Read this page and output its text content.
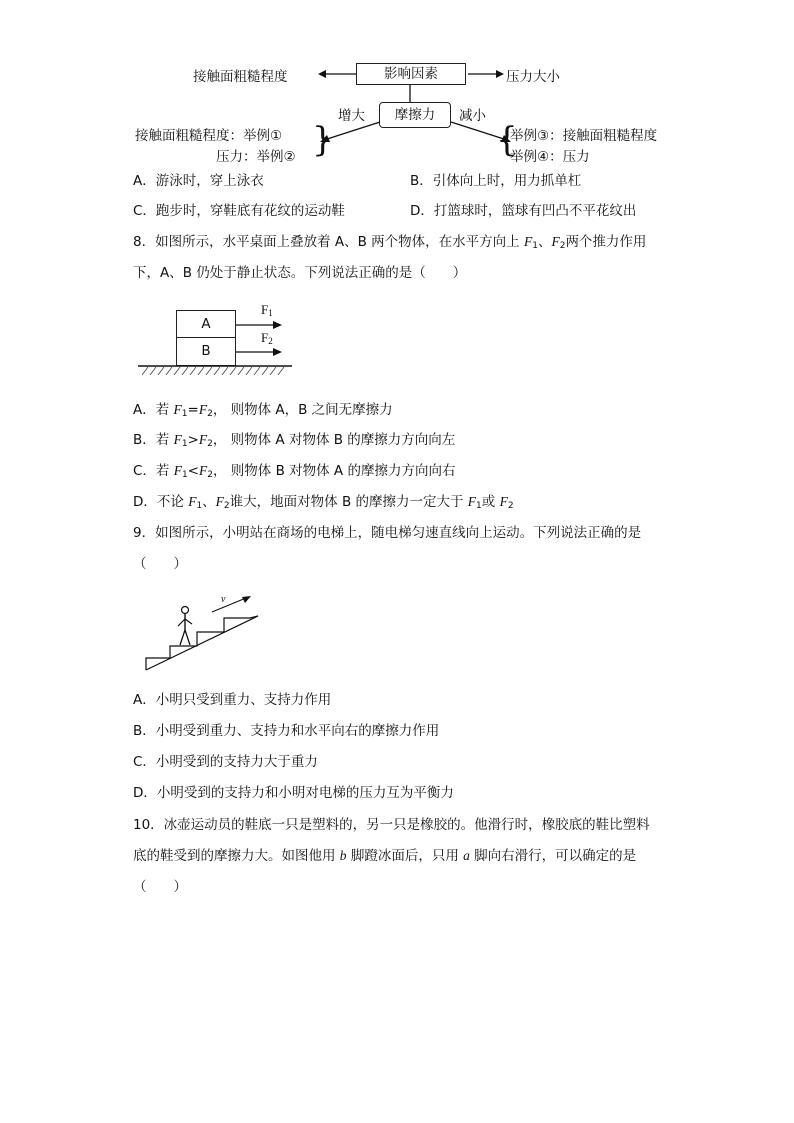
接触面粗糙程度	影响因素	压力大小
增大	摩擦力	减小
接触面粗糙程度：举例①
压力：举例② }	{
举例③：接触面粗糙程度
举例④：压力
A．游泳时，穿上泳衣	B．引体向上时，用力抓单杠
C．跑步时，穿鞋底有花纹的运动鞋	D．打篮球时，篮球有凹凸不平花纹出
8．如图所示，水平桌面上叠放着 A、B 两个物体，在水平方向上 $F_1$、$F_2$两个推力作用
下，A、B 仍处于静止状态。下列说法正确的是（　　）
A
B
$F_1$
$F_2$
A．若 $F_1=F_2$， 则物体 A，B 之间无摩擦力
B．若 $F_1>F_2$， 则物体 A 对物体 B 的摩擦力方向向左
C．若 $F_1<F_2$， 则物体 B 对物体 A 的摩擦力方向向右
D．不论 $F_1$、$F_2$谁大，地面对物体 B 的摩擦力一定大于 $F_1$或 $F_2$
9．如图所示，小明站在商场的电梯上，随电梯匀速直线向上运动。下列说法正确的是
（　　）
v
A．小明只受到重力、支持力作用
B．小明受到重力、支持力和水平向右的摩擦力作用
C．小明受到的支持力大于重力
D．小明受到的支持力和小明对电梯的压力互为平衡力
10．冰壶运动员的鞋底一只是塑料的，另一只是橡胶的。他滑行时，橡胶底的鞋比塑料
底的鞋受到的摩擦力大。如图他用 b 脚蹬冰面后，只用 a 脚向右滑行，可以确定的是
（　　）
